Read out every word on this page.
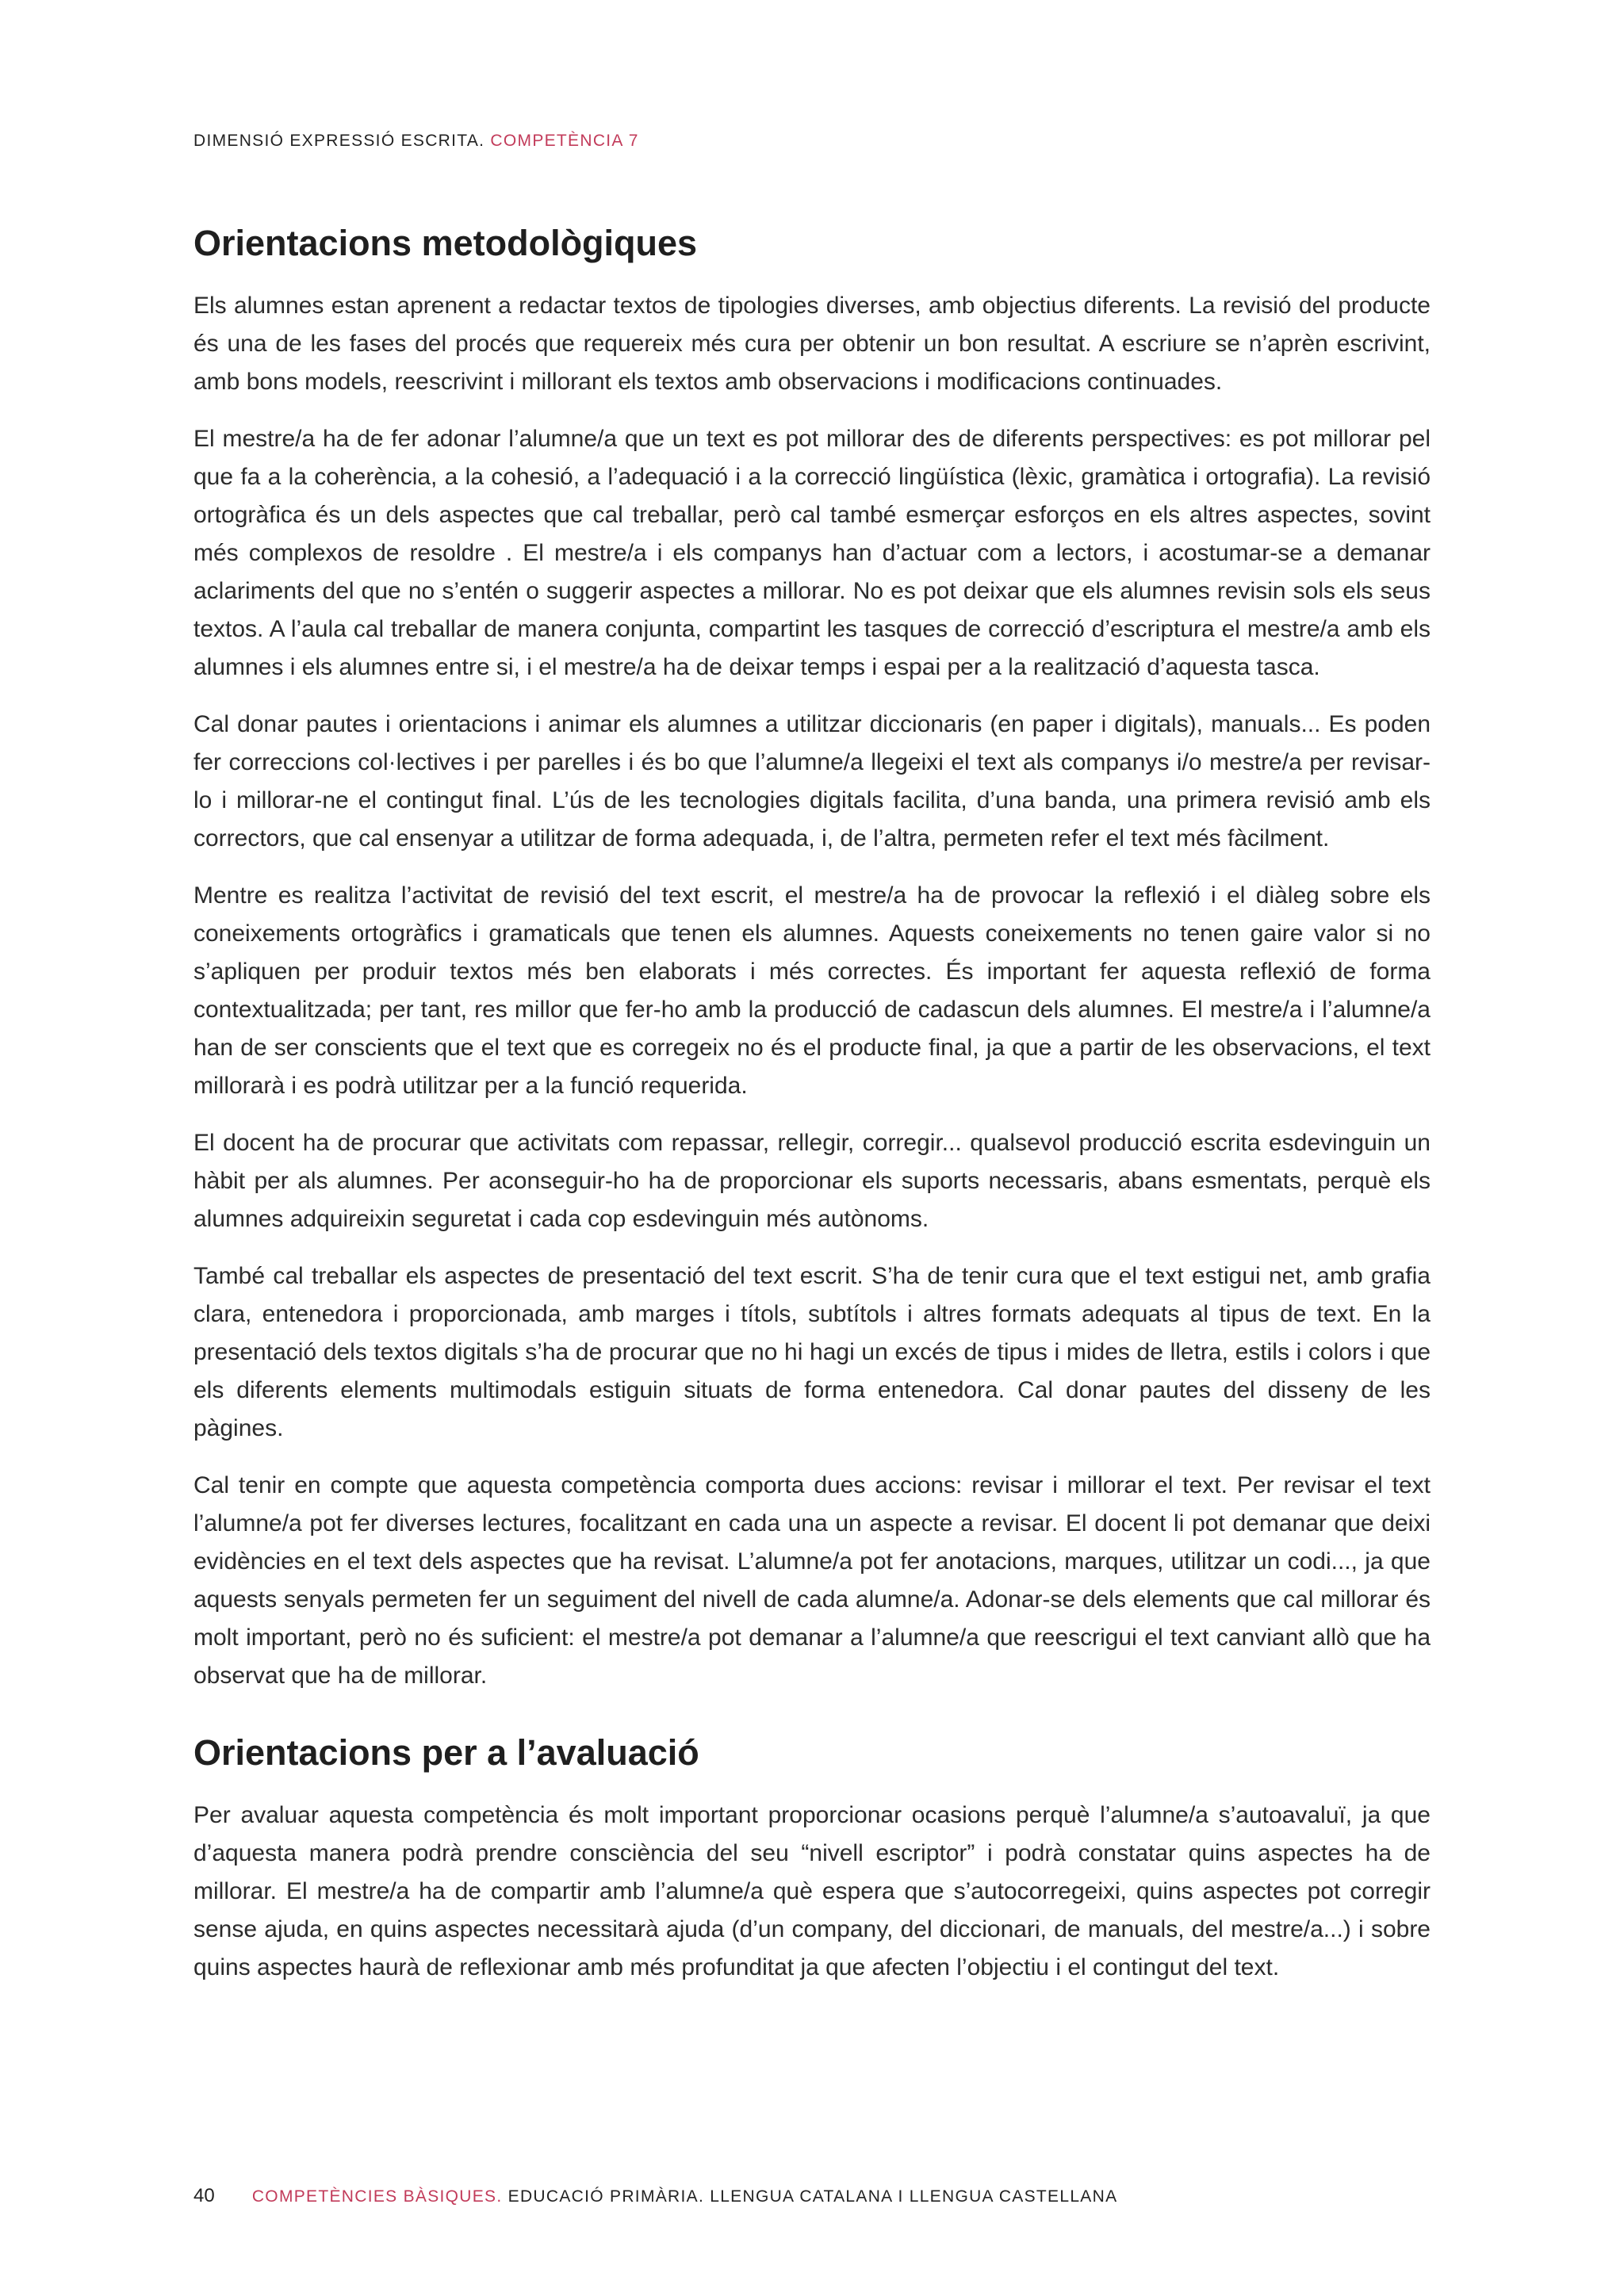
DIMENSIÓ EXPRESSIÓ ESCRITA. COMPETÈNCIA 7
Orientacions metodològiques

Els alumnes estan aprenent a redactar textos de tipologies diverses, amb objectius diferents. La revisió del producte és una de les fases del procés que requereix més cura per obtenir un bon resultat. A escriure se n’aprèn escrivint, amb bons models, reescrivint i millorant els textos amb observacions i modificacions continuades.

El mestre/a ha de fer adonar l’alumne/a que un text es pot millorar des de diferents perspectives: es pot millorar pel que fa a la coherència, a la cohesió, a l’adequació i a la correcció lingüística (lèxic, gramàtica i ortografia). La revisió ortogràfica és un dels aspectes que cal treballar, però cal també esmerçar esforços en els altres aspectes, sovint més complexos de resoldre . El mestre/a i els companys han d’actuar com a lectors, i acostumar-se a demanar aclariments del que no s’entén o suggerir aspectes a millorar. No es pot deixar que els alumnes revisin sols els seus textos. A l’aula cal treballar de manera conjunta, compartint les tasques de correcció d’escriptura el mestre/a amb els alumnes i els alumnes entre si, i el mestre/a ha de deixar temps i espai per a la realització d’aquesta tasca.

Cal donar pautes i orientacions i animar els alumnes a utilitzar diccionaris (en paper i digitals), manuals... Es poden fer correccions col·lectives i per parelles i és bo que l’alumne/a llegeixi el text als companys i/o mestre/a per revisar-lo i millorar-ne el contingut final. L’ús de les tecnologies digitals facilita, d’una banda, una primera revisió amb els correctors, que cal ensenyar a utilitzar de forma adequada, i, de l’altra, permeten refer el text més fàcilment.

Mentre es realitza l’activitat de revisió del text escrit, el mestre/a ha de provocar la reflexió i el diàleg sobre els coneixements ortogràfics i gramaticals que tenen els alumnes. Aquests coneixements no tenen gaire valor si no s’apliquen per produir textos més ben elaborats i més correctes. És important fer aquesta reflexió de forma contextualitzada; per tant, res millor que fer-ho amb la producció de cadascun dels alumnes. El mestre/a i l’alumne/a han de ser conscients que el text que es corregeix no és el producte final, ja que a partir de les observacions, el text millorarà i es podrà utilitzar per a la funció requerida.

El docent ha de procurar que activitats com repassar, rellegir, corregir... qualsevol producció escrita esdevinguin un hàbit per als alumnes. Per aconseguir-ho ha de proporcionar els suports necessaris, abans esmentats, perquè els alumnes adquireixin seguretat i cada cop esdevinguin més autònoms.

També cal treballar els aspectes de presentació del text escrit. S’ha de tenir cura que el text estigui net, amb grafia clara, entenedora i proporcionada, amb marges i títols, subtítols i altres formats adequats al tipus de text. En la presentació dels textos digitals s’ha de procurar que no hi hagi un excés de tipus i mides de lletra, estils i colors i que els diferents elements multimodals estiguin situats de forma entenedora. Cal donar pautes del disseny de les pàgines.

Cal tenir en compte que aquesta competència comporta dues accions: revisar i millorar el text. Per revisar el text l’alumne/a pot fer diverses lectures, focalitzant en cada una un aspecte a revisar. El docent li pot demanar que deixi evidències en el text dels aspectes que ha revisat. L’alumne/a pot fer anotacions, marques, utilitzar un codi..., ja que aquests senyals permeten fer un seguiment del nivell de cada alumne/a. Adonar-se dels elements que cal millorar és molt important, però no és suficient: el mestre/a pot demanar a l’alumne/a que reescrigui el text canviant allò que ha observat que ha de millorar.

Orientacions per a l’avaluació

Per avaluar aquesta competència és molt important proporcionar ocasions perquè l’alumne/a s’autoavaluï, ja que d’aquesta manera podrà prendre consciència del seu “nivell escriptor” i podrà constatar quins aspectes ha de millorar. El mestre/a ha de compartir amb l’alumne/a què espera que s’autocorregeixi, quins aspectes pot corregir sense ajuda, en quins aspectes necessitarà ajuda (d’un company, del diccionari, de manuals, del mestre/a...) i sobre quins aspectes haurà de reflexionar amb més profunditat ja que afecten l’objectiu i el contingut del text.

40 COMPETÈNCIES BÀSIQUES. EDUCACIÓ PRIMÀRIA. LLENGUA CATALANA I LLENGUA CASTELLANA
